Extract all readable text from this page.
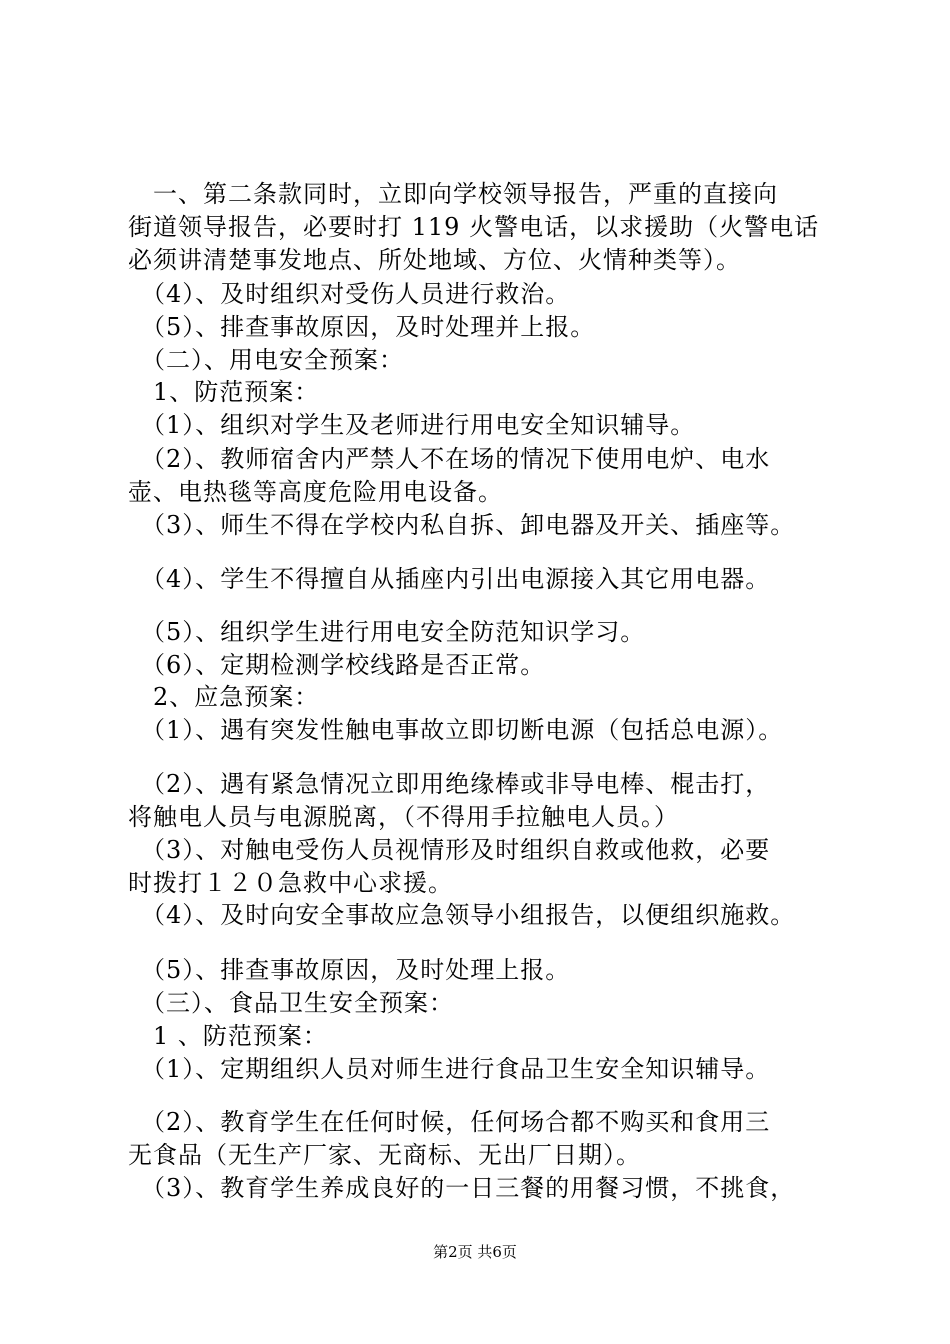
　一、第二条款同时，立即向学校领导报告，严重的直接向
街道领导报告，必要时打 119 火警电话，以求援助（火警电话
必须讲清楚事发地点、所处地域、方位、火情种类等）。
　（4）、及时组织对受伤人员进行救治。
　（5）、排查事故原因，及时处理并上报。
　（二）、用电安全预案：
　1、防范预案：
　（1）、组织对学生及老师进行用电安全知识辅导。
　（2）、教师宿舍内严禁人不在场的情况下使用电炉、电水
壶、电热毯等高度危险用电设备。
　（3）、师生不得在学校内私自拆、卸电器及开关、插座等。
　（4）、学生不得擅自从插座内引出电源接入其它用电器。
　（5）、组织学生进行用电安全防范知识学习。
　（6）、定期检测学校线路是否正常。
　2、应急预案：
　（1）、遇有突发性触电事故立即切断电源（包括总电源）。
　（2）、遇有紧急情况立即用绝缘棒或非导电棒、棍击打，
将触电人员与电源脱离，（不得用手拉触电人员。）
　（3）、对触电受伤人员视情形及时组织自救或他救，必要
时拨打１２０急救中心求援。
　（4）、及时向安全事故应急领导小组报告，以便组织施救。
　（5）、排查事故原因，及时处理上报。
　（三）、食品卫生安全预案：
　1 、防范预案：
　（1）、定期组织人员对师生进行食品卫生安全知识辅导。
　（2）、教育学生在任何时候，任何场合都不购买和食用三
无食品（无生产厂家、无商标、无出厂日期）。
　（3）、教育学生养成良好的一日三餐的用餐习惯，不挑食，
第2页 共6页
